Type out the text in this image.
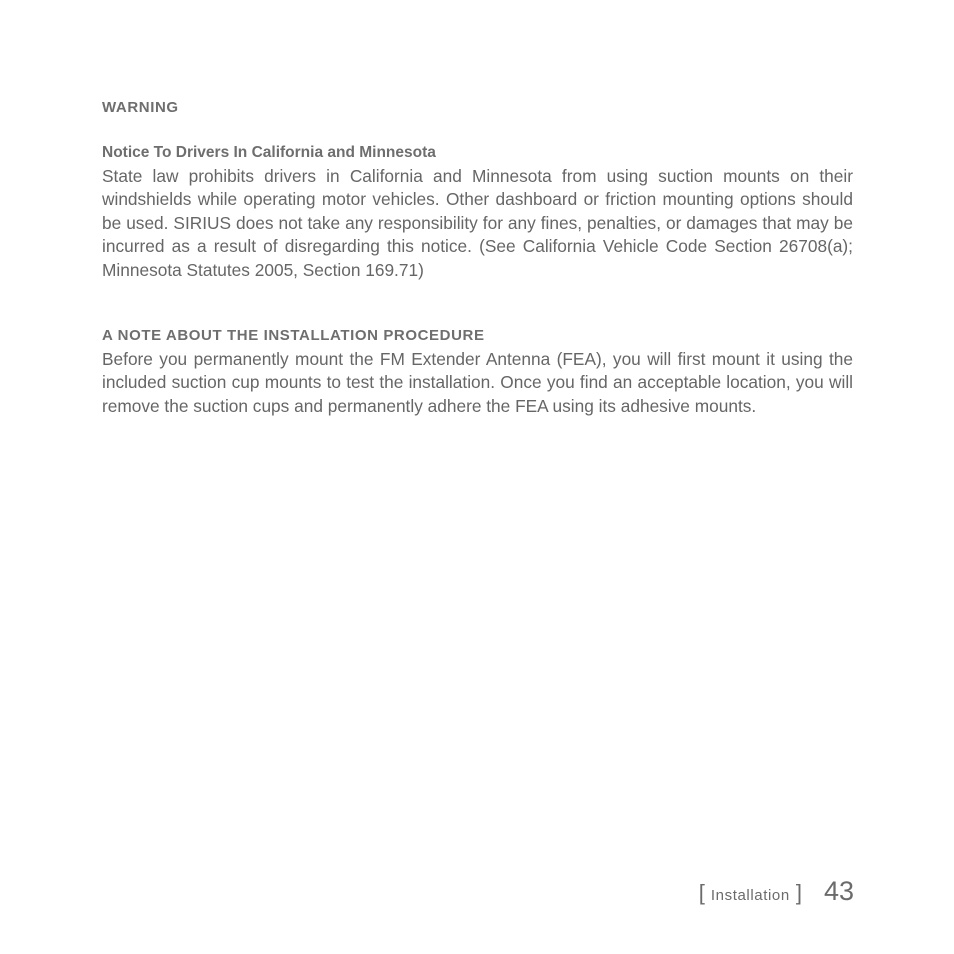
WARNING

Notice To Drivers In California and Minnesota

State law prohibits drivers in California and Minnesota from using suction mounts on their windshields while operating motor vehicles. Other dashboard or friction mounting options should be used. SIRIUS does not take any responsibility for any fines, penalties, or damages that may be incurred as a result of disregarding this notice. (See California Vehicle Code Section 26708(a); Minnesota Statutes 2005, Section 169.71)

A NOTE ABOUT THE INSTALLATION PROCEDURE

Before you permanently mount the FM Extender Antenna (FEA), you will first mount it using the included suction cup mounts to test the installation. Once you find an acceptable location, you will remove the suction cups and permanently adhere the FEA using its adhesive mounts.

[ Installation ] 43
